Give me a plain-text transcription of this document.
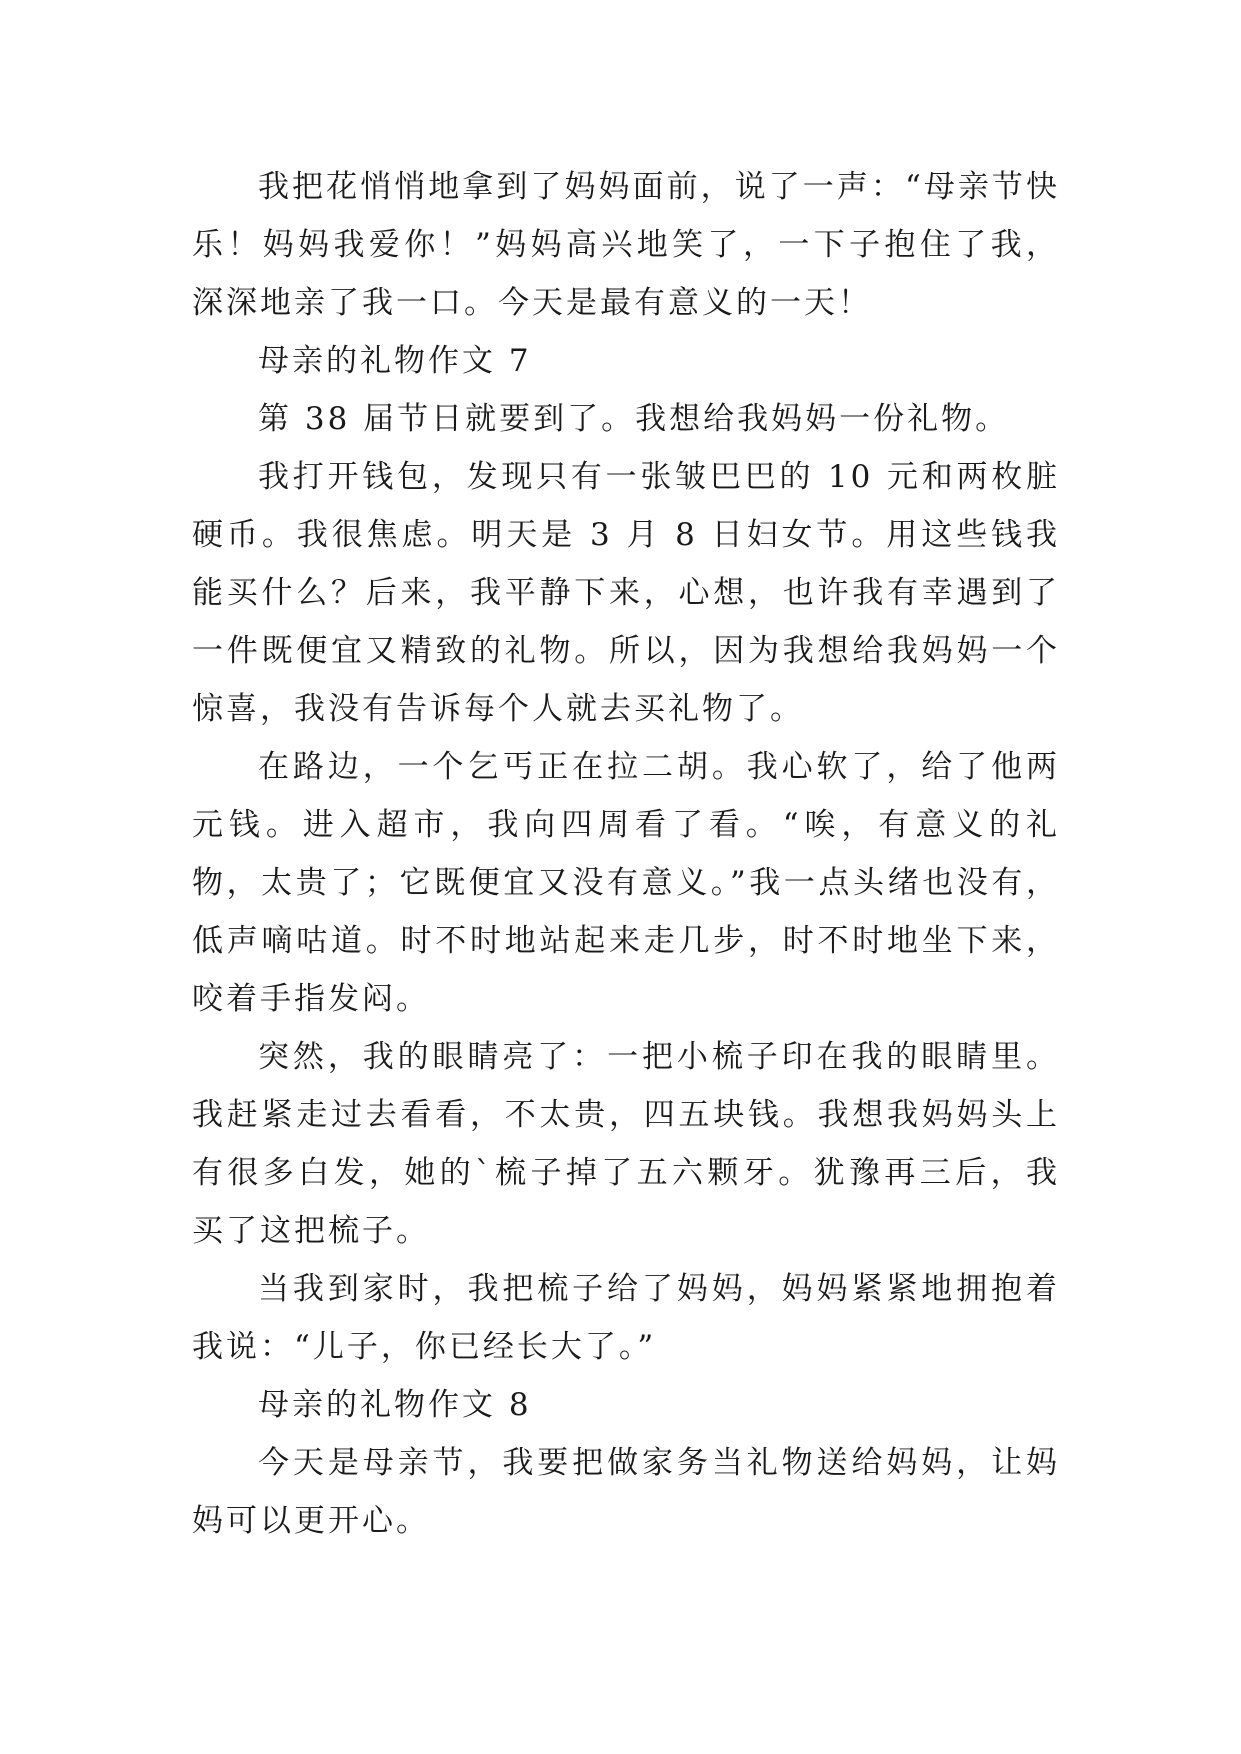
我把花悄悄地拿到了妈妈面前，说了一声：“母亲节快乐！妈妈我爱你！”妈妈高兴地笑了，一下子抱住了我，深深地亲了我一口。今天是最有意义的一天！

母亲的礼物作文 7

第 38 届节日就要到了。我想给我妈妈一份礼物。

我打开钱包，发现只有一张皱巴巴的 10 元和两枚脏硬币。我很焦虑。明天是 3 月 8 日妇女节。用这些钱我能买什么？后来，我平静下来，心想，也许我有幸遇到了一件既便宜又精致的礼物。所以，因为我想给我妈妈一个惊喜，我没有告诉每个人就去买礼物了。

在路边，一个乞丐正在拉二胡。我心软了，给了他两元钱。进入超市，我向四周看了看。“唉，有意义的礼物，太贵了；它既便宜又没有意义。”我一点头绪也没有，低声嘀咕道。时不时地站起来走几步，时不时地坐下来，咬着手指发闷。

突然，我的眼睛亮了：一把小梳子印在我的眼睛里。我赶紧走过去看看，不太贵，四五块钱。我想我妈妈头上有很多白发，她的`梳子掉了五六颗牙。犹豫再三后，我买了这把梳子。

当我到家时，我把梳子给了妈妈，妈妈紧紧地拥抱着我说：“儿子，你已经长大了。”

母亲的礼物作文 8

今天是母亲节，我要把做家务当礼物送给妈妈，让妈妈可以更开心。
